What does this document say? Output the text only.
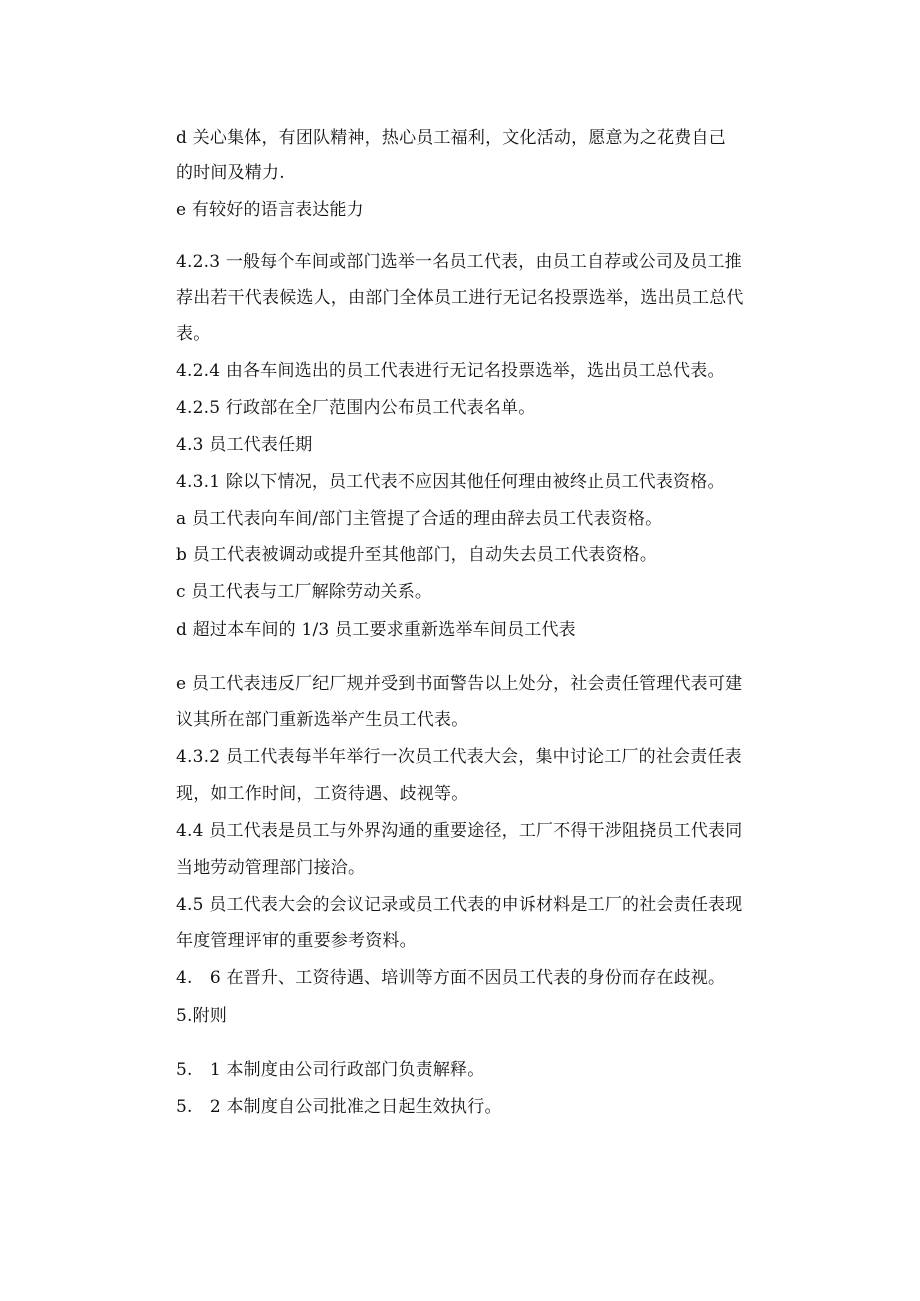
d 关心集体，有团队精神，热心员工福利，文化活动，愿意为之花费自己
的时间及精力.
e 有较好的语言表达能力
4.2.3 一般每个车间或部门选举一名员工代表，由员工自荐或公司及员工推
荐出若干代表候选人，由部门全体员工进行无记名投票选举，选出员工总代
表。
4.2.4 由各车间选出的员工代表进行无记名投票选举，选出员工总代表。
4.2.5 行政部在全厂范围内公布员工代表名单。
4.3 员工代表任期
4.3.1 除以下情况，员工代表不应因其他任何理由被终止员工代表资格。
a 员工代表向车间/部门主管提了合适的理由辞去员工代表资格。
b 员工代表被调动或提升至其他部门，自动失去员工代表资格。
c 员工代表与工厂解除劳动关系。
d 超过本车间的 1/3 员工要求重新选举车间员工代表
e 员工代表违反厂纪厂规并受到书面警告以上处分，社会责任管理代表可建
议其所在部门重新选举产生员工代表。
4.3.2 员工代表每半年举行一次员工代表大会，集中讨论工厂的社会责任表
现，如工作时间，工资待遇、歧视等。
4.4 员工代表是员工与外界沟通的重要途径，工厂不得干涉阻挠员工代表同
当地劳动管理部门接洽。
4.5 员工代表大会的会议记录或员工代表的申诉材料是工厂的社会责任表现
年度管理评审的重要参考资料。
4.　6 在晋升、工资待遇、培训等方面不因员工代表的身份而存在歧视。
5.附则
5.　1 本制度由公司行政部门负责解释。
5.　2 本制度自公司批准之日起生效执行。
